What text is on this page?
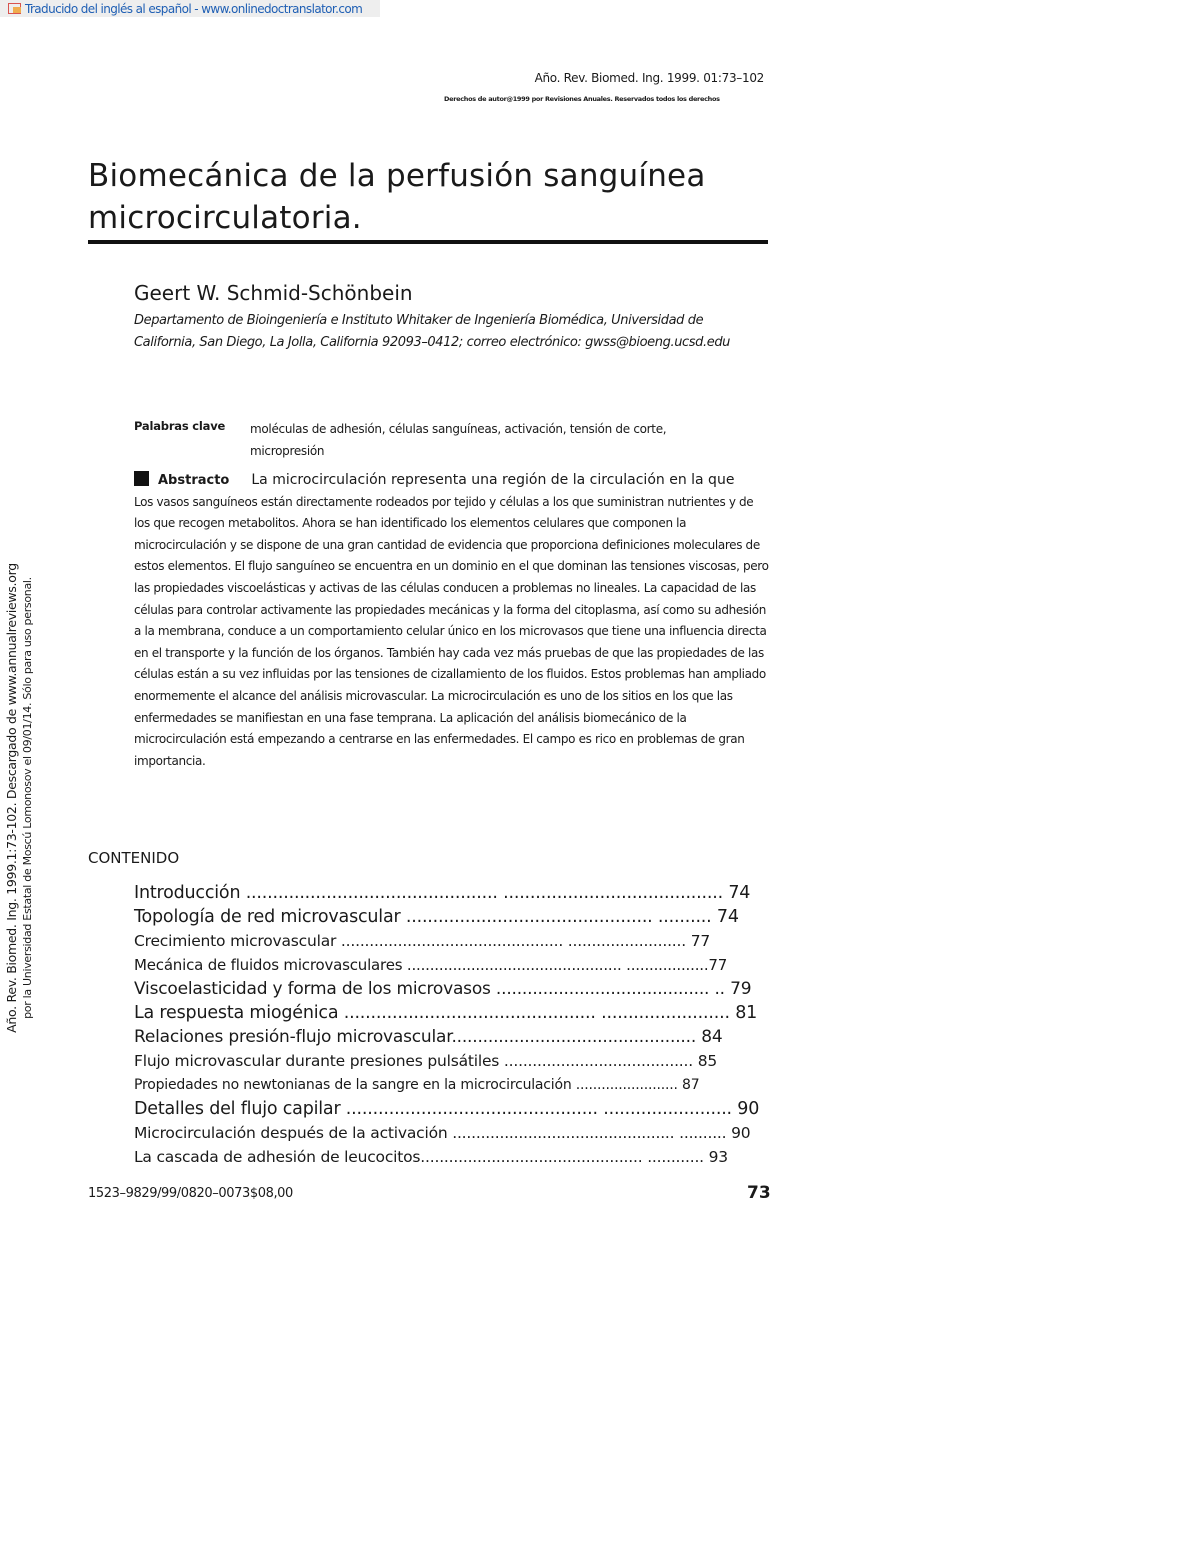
Traducido del inglés al español - www.onlinedoctranslator.com
Año. Rev. Biomed. Ing. 1999. 01:73–102
Derechos de autor@1999 por Revisiones Anuales. Reservados todos los derechos
Biomecánica de la perfusión sanguínea microcirculatoria.
Geert W. Schmid-Schönbein

Departamento de Bioingeniería e Instituto Whitaker de Ingeniería Biomédica, Universidad de California, San Diego, La Jolla, California 92093–0412; correo electrónico: gwss@bioeng.ucsd.edu

Palabras clave moléculas de adhesión, células sanguíneas, activación, tensión de corte, micropresión

Abstracto La microcirculación representa una región de la circulación en la que
Los vasos sanguíneos están directamente rodeados por tejido y células a los que suministran nutrientes y de los que recogen metabolitos. Ahora se han identificado los elementos celulares que componen la microcirculación y se dispone de una gran cantidad de evidencia que proporciona definiciones moleculares de estos elementos. El flujo sanguíneo se encuentra en un dominio en el que dominan las tensiones viscosas, pero las propiedades viscoelásticas y activas de las células conducen a problemas no lineales. La capacidad de las células para controlar activamente las propiedades mecánicas y la forma del citoplasma, así como su adhesión a la membrana, conduce a un comportamiento celular único en los microvasos que tiene una influencia directa en el transporte y la función de los órganos. También hay cada vez más pruebas de que las propiedades de las células están a su vez influidas por las tensiones de cizallamiento de los fluidos. Estos problemas han ampliado enormemente el alcance del análisis microvascular. La microcirculación es uno de los sitios en los que las enfermedades se manifiestan en una fase temprana. La aplicación del análisis biomecánico de la microcirculación está empezando a centrarse en las enfermedades. El campo es rico en problemas de gran importancia.
Año. Rev. Biomed. Ing. 1999.1:73-102. Descargado de www.annualreviews.org por la Universidad Estatal de Moscú Lomonosov el 09/01/14. Sólo para uso personal.	CONTENIDO
Introducción ............................................... ......................................... 74
Topología de red microvascular .............................................. .......... 74
Crecimiento microvascular ............................................... ......................... 77
Mecánica de fluidos microvasculares ............................................... ..................77
Viscoelasticidad y forma de los microvasos ......................................... .. 79
La respuesta miogénica ............................................... ........................ 81
Relaciones presión-flujo microvascular............................................... 84
Flujo microvascular durante presiones pulsátiles ........................................ 85
Propiedades no newtonianas de la sangre en la microcirculación ........................ 87
Detalles del flujo capilar ............................................... ........................ 90
Microcirculación después de la activación ............................................... .......... 90
La cascada de adhesión de leucocitos............................................... ............ 93
1523–9829/99/0820–0073$08,00	73
